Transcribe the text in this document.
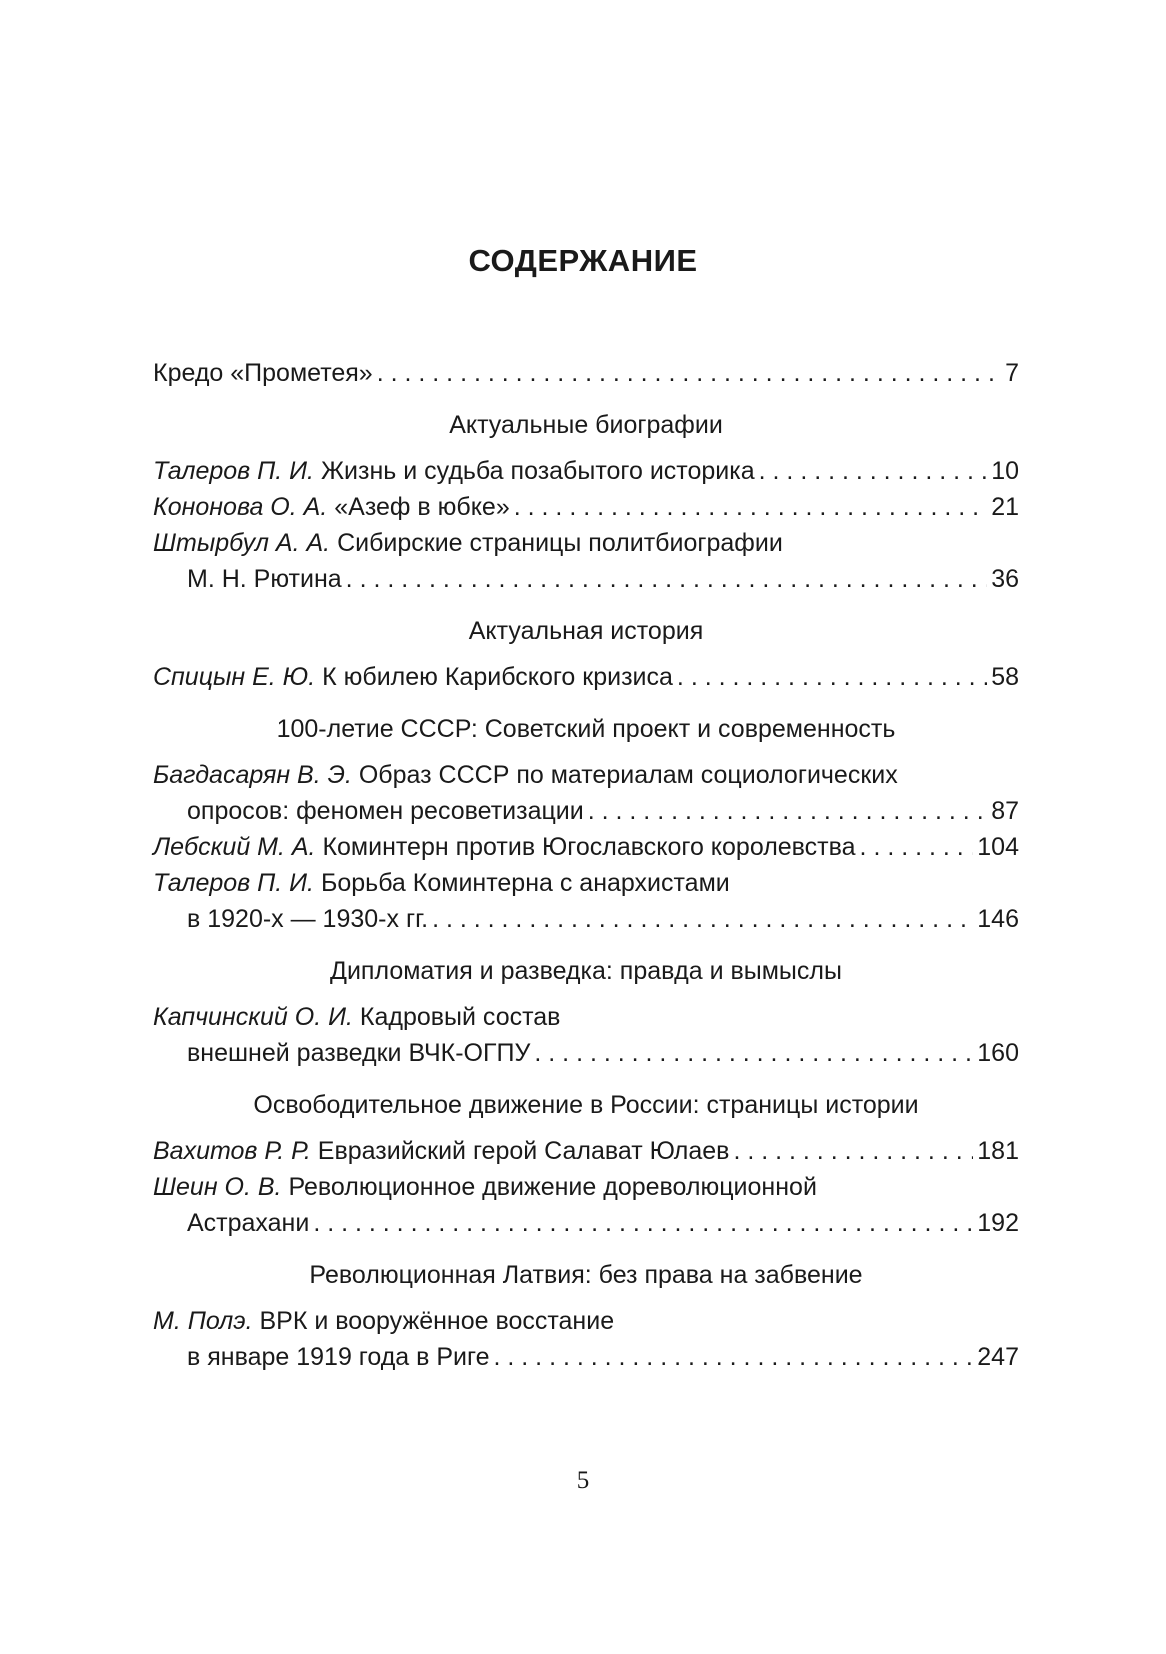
СОДЕРЖАНИЕ
Кредо «Прометея» . . .	7
Актуальные биографии
Талеров П. И. Жизнь и судьба позабытого историка . . .	10
Кононова О. А. «Азеф в юбке» . . .	21
Штырбул А. А. Сибирские страницы политбиографии
М. Н. Рютина . . .	36
Актуальная история
Спицын Е. Ю. К юбилею Карибского кризиса . . .	58
100-летие СССР: Советский проект и современность
Багдасарян В. Э. Образ СССР по материалам социологических
опросов: феномен ресоветизации . . .	87
Лебский М. А. Коминтерн против Югославского королевства . . .	104
Талеров П. И. Борьба Коминтерна с анархистами
в 1920-х — 1930-х гг. . . .	146
Дипломатия и разведка: правда и вымыслы
Капчинский О. И. Кадровый состав
внешней разведки ВЧК-ОГПУ . . .	160
Освободительное движение в России: страницы истории
Вахитов Р. Р. Евразийский герой Салават Юлаев . . .	181
Шеин О. В. Революционное движение дореволюционной
Астрахани . . .	192
Революционная Латвия: без права на забвение
М. Полэ. ВРК и вооружённое восстание
в январе 1919 года в Риге . . .	247
5
